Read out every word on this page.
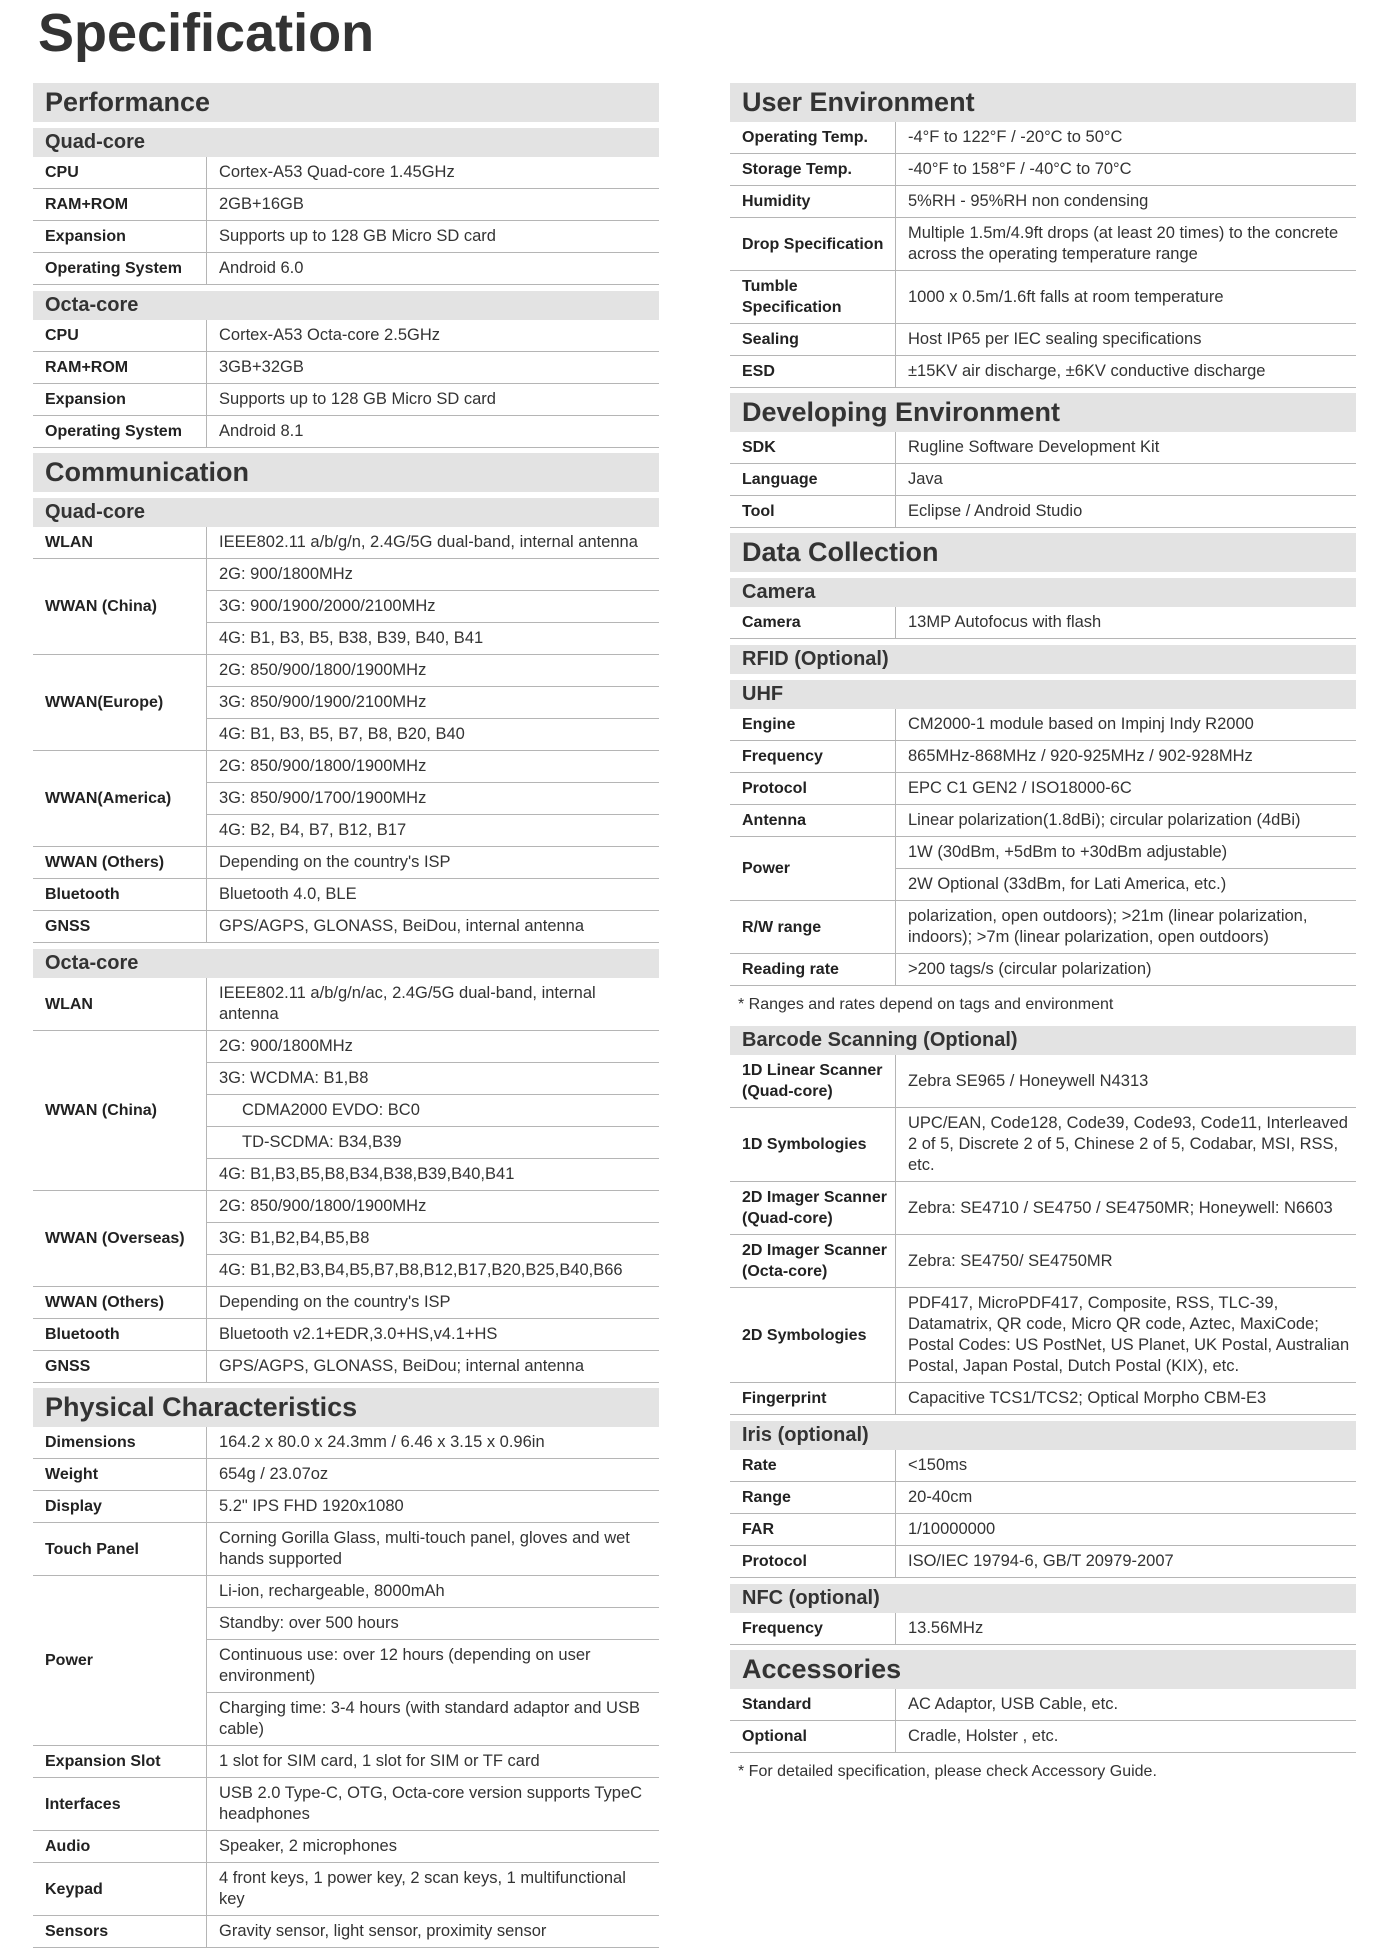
Specification
Performance
Quad-core
CPU	Cortex-A53 Quad-core 1.45GHz
RAM+ROM	2GB+16GB
Expansion	Supports up to 128 GB Micro SD card
Operating System	Android 6.0
Octa-core
CPU	Cortex-A53 Octa-core 2.5GHz
RAM+ROM	3GB+32GB
Expansion	Supports up to 128 GB Micro SD card
Operating System	Android 8.1
Communication
Quad-core
WLAN	IEEE802.11 a/b/g/n, 2.4G/5G dual-band, internal antenna
WWAN (China)	2G: 900/1800MHz
	3G: 900/1900/2000/2100MHz
	4G: B1, B3, B5, B38, B39, B40, B41
WWAN(Europe)	2G: 850/900/1800/1900MHz
	3G: 850/900/1900/2100MHz
	4G: B1, B3, B5, B7, B8, B20, B40
WWAN(America)	2G: 850/900/1800/1900MHz
	3G: 850/900/1700/1900MHz
	4G: B2, B4, B7, B12, B17
WWAN (Others)	Depending on the country's ISP
Bluetooth	Bluetooth 4.0, BLE
GNSS	GPS/AGPS, GLONASS, BeiDou, internal antenna
Octa-core
WLAN	IEEE802.11 a/b/g/n/ac, 2.4G/5G dual-band, internal antenna
WWAN (China)	2G: 900/1800MHz
	3G: WCDMA: B1,B8
	CDMA2000 EVDO: BC0
	TD-SCDMA: B34,B39
	4G: B1,B3,B5,B8,B34,B38,B39,B40,B41
WWAN (Overseas)	2G: 850/900/1800/1900MHz
	3G: B1,B2,B4,B5,B8
	4G: B1,B2,B3,B4,B5,B7,B8,B12,B17,B20,B25,B40,B66
WWAN (Others)	Depending on the country's ISP
Bluetooth	Bluetooth v2.1+EDR,3.0+HS,v4.1+HS
GNSS	GPS/AGPS, GLONASS, BeiDou; internal antenna
Physical Characteristics
Dimensions	164.2 x 80.0 x 24.3mm / 6.46 x 3.15 x 0.96in
Weight	654g / 23.07oz
Display	5.2" IPS FHD 1920x1080
Touch Panel	Corning Gorilla Glass, multi-touch panel, gloves and wet hands supported
Power	Li-ion, rechargeable, 8000mAh
	Standby: over 500 hours
	Continuous use: over 12 hours (depending on user environment)
	Charging time: 3-4 hours (with standard adaptor and USB cable)
Expansion Slot	1 slot for SIM card, 1 slot for SIM or TF card
Interfaces	USB 2.0 Type-C, OTG, Octa-core version supports TypeC headphones
Audio	Speaker, 2 microphones
Keypad	4 front keys, 1 power key, 2 scan keys, 1 multifunctional key
Sensors	Gravity sensor, light sensor, proximity sensor
User Environment
Operating Temp.	-4°F to 122°F / -20°C to 50°C
Storage Temp.	-40°F to 158°F / -40°C to 70°C
Humidity	5%RH - 95%RH non condensing
Drop Specification	Multiple 1.5m/4.9ft drops (at least 20 times) to the concrete across the operating temperature range
Tumble Specification	1000 x 0.5m/1.6ft falls at room temperature
Sealing	Host IP65 per IEC sealing specifications
ESD	±15KV air discharge, ±6KV conductive discharge
Developing Environment
SDK	Rugline Software Development Kit
Language	Java
Tool	Eclipse / Android Studio
Data Collection
Camera
Camera	13MP Autofocus with flash
RFID (Optional)
UHF
Engine	CM2000-1 module based on Impinj Indy R2000
Frequency	865MHz-868MHz / 920-925MHz / 902-928MHz
Protocol	EPC C1 GEN2 / ISO18000-6C
Antenna	Linear polarization(1.8dBi); circular polarization (4dBi)
Power	1W (30dBm, +5dBm to +30dBm adjustable)
	2W Optional (33dBm, for Lati America, etc.)
R/W range	polarization, open outdoors); >21m (linear polarization, indoors); >7m (linear polarization, open outdoors)
Reading rate	>200 tags/s (circular polarization)
* Ranges and rates depend on tags and environment
Barcode Scanning (Optional)
1D Linear Scanner (Quad-core)	Zebra SE965 / Honeywell N4313
1D Symbologies	UPC/EAN, Code128, Code39, Code93, Code11, Interleaved 2 of 5, Discrete 2 of 5, Chinese 2 of 5, Codabar, MSI, RSS, etc.
2D Imager Scanner (Quad-core)	Zebra: SE4710 / SE4750 / SE4750MR; Honeywell: N6603
2D Imager Scanner (Octa-core)	Zebra: SE4750/ SE4750MR
2D Symbologies	PDF417, MicroPDF417, Composite, RSS, TLC-39, Datamatrix, QR code, Micro QR code, Aztec, MaxiCode; Postal Codes: US PostNet, US Planet, UK Postal, Australian Postal, Japan Postal, Dutch Postal (KIX), etc.
Fingerprint	Capacitive TCS1/TCS2; Optical Morpho CBM-E3
Iris (optional)
Rate	<150ms
Range	20-40cm
FAR	1/10000000
Protocol	ISO/IEC 19794-6, GB/T 20979-2007
NFC (optional)
Frequency	13.56MHz
Accessories
Standard	AC Adaptor, USB Cable, etc.
Optional	Cradle, Holster , etc.
* For detailed specification, please check Accessory Guide.
